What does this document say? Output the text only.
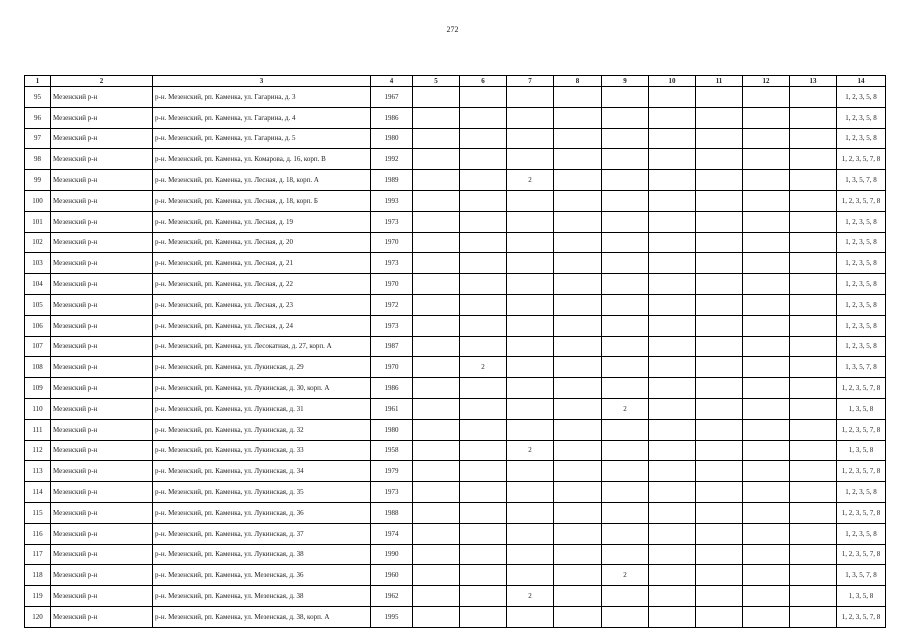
272
1	2	3	4	5	6	7	8	9	10	11	12	13	14
95	Мезенский р-н	р-н. Мезенский, рп. Каменка, ул. Гагарина, д. 3	1967										1, 2, 3, 5, 8
96	Мезенский р-н	р-н. Мезенский, рп. Каменка, ул. Гагарина, д. 4	1986										1, 2, 3, 5, 8
97	Мезенский р-н	р-н. Мезенский, рп. Каменка, ул. Гагарина, д. 5	1980										1, 2, 3, 5, 8
98	Мезенский р-н	р-н. Мезенский, рп. Каменка, ул. Комарова, д. 16, корп. В	1992										1, 2, 3, 5, 7, 8
99	Мезенский р-н	р-н. Мезенский, рп. Каменка, ул. Лесная, д. 18, корп. А	1989			2							1, 3, 5, 7, 8
100	Мезенский р-н	р-н. Мезенский, рп. Каменка, ул. Лесная, д. 18, корп. Б	1993										1, 2, 3, 5, 7, 8
101	Мезенский р-н	р-н. Мезенский, рп. Каменка, ул. Лесная, д. 19	1973										1, 2, 3, 5, 8
102	Мезенский р-н	р-н. Мезенский, рп. Каменка, ул. Лесная, д. 20	1970										1, 2, 3, 5, 8
103	Мезенский р-н	р-н. Мезенский, рп. Каменка, ул. Лесная, д. 21	1973										1, 2, 3, 5, 8
104	Мезенский р-н	р-н. Мезенский, рп. Каменка, ул. Лесная, д. 22	1970										1, 2, 3, 5, 8
105	Мезенский р-н	р-н. Мезенский, рп. Каменка, ул. Лесная, д. 23	1972										1, 2, 3, 5, 8
106	Мезенский р-н	р-н. Мезенский, рп. Каменка, ул. Лесная, д. 24	1973										1, 2, 3, 5, 8
107	Мезенский р-н	р-н. Мезенский, рп. Каменка, ул. Лесокатная, д. 27, корп. А	1987										1, 2, 3, 5, 8
108	Мезенский р-н	р-н. Мезенский, рп. Каменка, ул. Лукинская, д. 29	1970		2								1, 3, 5, 7, 8
109	Мезенский р-н	р-н. Мезенский, рп. Каменка, ул. Лукинская, д. 30, корп. А	1986										1, 2, 3, 5, 7, 8
110	Мезенский р-н	р-н. Мезенский, рп. Каменка, ул. Лукинская, д. 31	1961					2					1, 3, 5, 8
111	Мезенский р-н	р-н. Мезенский, рп. Каменка, ул. Лукинская, д. 32	1980										1, 2, 3, 5, 7, 8
112	Мезенский р-н	р-н. Мезенский, рп. Каменка, ул. Лукинская, д. 33	1958			2							1, 3, 5, 8
113	Мезенский р-н	р-н. Мезенский, рп. Каменка, ул. Лукинская, д. 34	1979										1, 2, 3, 5, 7, 8
114	Мезенский р-н	р-н. Мезенский, рп. Каменка, ул. Лукинская, д. 35	1973										1, 2, 3, 5, 8
115	Мезенский р-н	р-н. Мезенский, рп. Каменка, ул. Лукинская, д. 36	1988										1, 2, 3, 5, 7, 8
116	Мезенский р-н	р-н. Мезенский, рп. Каменка, ул. Лукинская, д. 37	1974										1, 2, 3, 5, 8
117	Мезенский р-н	р-н. Мезенский, рп. Каменка, ул. Лукинская, д. 38	1990										1, 2, 3, 5, 7, 8
118	Мезенский р-н	р-н. Мезенский, рп. Каменка, ул. Мезенская, д. 36	1960					2					1, 3, 5, 7, 8
119	Мезенский р-н	р-н. Мезенский, рп. Каменка, ул. Мезенская, д. 38	1962			2							1, 3, 5, 8
120	Мезенский р-н	р-н. Мезенский, рп. Каменка, ул. Мезенская, д. 38, корп. А	1995										1, 2, 3, 5, 7, 8
